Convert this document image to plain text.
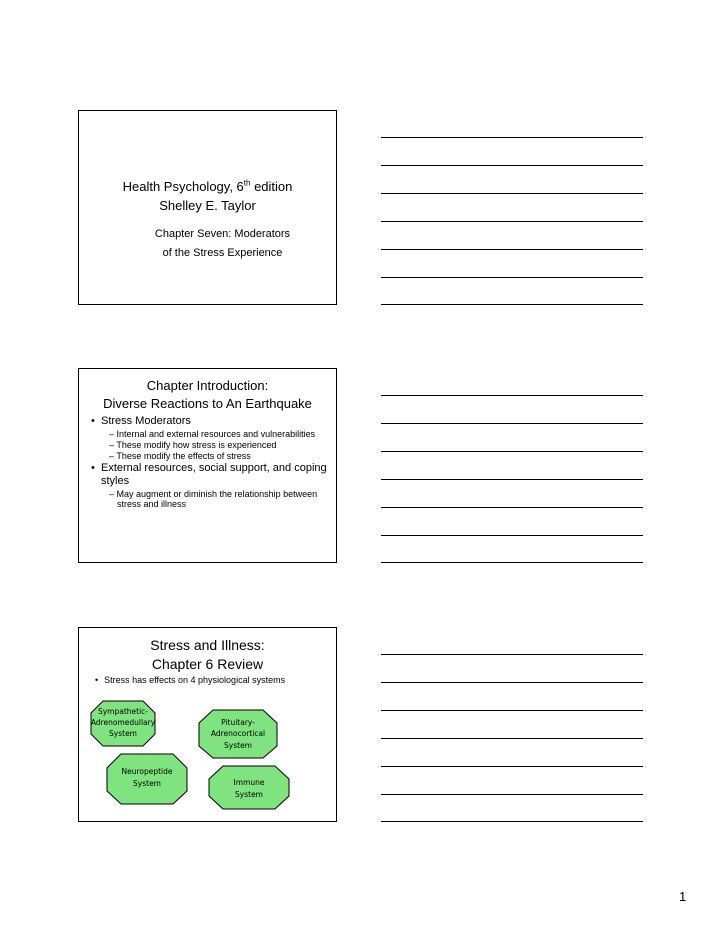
Health Psychology, 6th edition
Shelley E. Taylor
Chapter Seven: Moderators
of the Stress Experience
Chapter Introduction:
Diverse Reactions to An Earthquake
• Stress Moderators
– Internal and external resources and vulnerabilities
– These modify how stress is experienced
– These modify the effects of stress
• External resources, social support, and coping styles
– May augment or diminish the relationship between stress and illness
Stress and Illness:
Chapter 6 Review
• Stress has effects on 4 physiological systems
Sympathetic-
Adrenomedullary
System
Pituitary-
Adrenocortical
System
Neuropeptide
System	Immune
System
1
